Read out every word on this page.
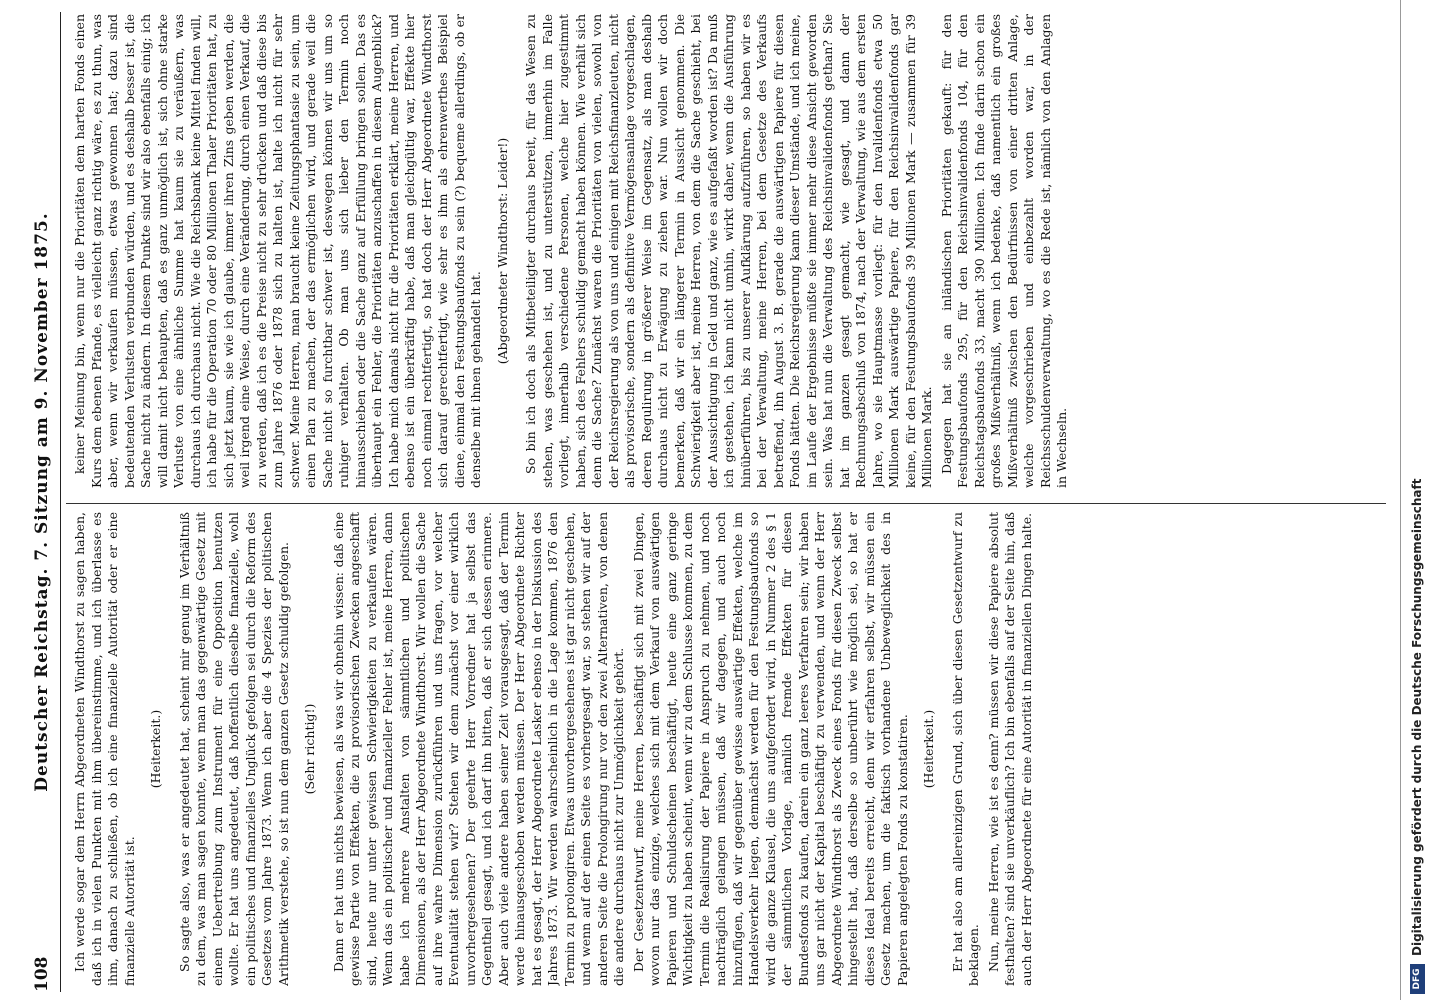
108
Deutscher Reichstag. 7. Sitzung am 9. November 1875. Ich werde sogar dem Herrn Abgeordneten Windthorst zu sagen haben, daß ich in vielen Punkten mit ihm übereinstimme, und ich überlasse es ihm, danach zu schließen, ob ich eine finanzielle Autorität oder er eine finanzielle Autorität ist.

(Heiterkeit.) So sagte also, was er angedeutet hat, scheint mir genug im Verhältniß zu dem, was man sagen konnte, wenn man das gegenwärtige Gesetz mit einem Uebertreibung zum Instrument für eine Opposition benutzen wollte. Er hat uns angedeutet, daß hoffentlich dieselbe finanzielle, wohl ein politisches und finanzielles Unglück gefolgen sei durch die Reform des Gesetzes vom Jahre 1873. Wenn ich aber die 4 Spezies der politischen Arithmetik verstehe, so ist nun dem ganzen Gesetz schuldig gefolgen. (Sehr richtig!) Dann er hat uns nichts bewiesen, als was wir ohnehin wissen: daß eine gewisse Partie von Effekten, die zu provisorischen Zwecken angeschafft sind, heute nur unter gewissen Schwierigkeiten zu verkaufen wären. Wenn das ein politischer und finanzieller Fehler ist, meine Herren, dann habe ich mehrere Anstalten von sämmtlichen und politischen Dimensionen, als der Herr Abgeordnete Windthorst. Wir wollen die Sache auf ihre wahre Dimension zurückführen und uns fragen, vor welcher Eventualität stehen wir? Stehen wir denn zunächst vor einer wirklich unvorhergesehenen? Der geehrte Herr Vorredner hat ja selbst das Gegentheil gesagt, und ich darf ihn bitten, daß er sich dessen erinnere. Aber auch viele andere haben seiner Zeit vorausgesagt, daß der Termin werde hinausgeschoben werden müssen. Der Herr Abgeordnete Richter hat es gesagt, der Herr Abgeordnete Lasker ebenso in der Diskussion des Jahres 1873. Wir werden wahrscheinlich in die Lage kommen, 1876 den Termin zu prolongiren. Etwas unvorhergesehenes ist gar nicht geschehen, und wenn auf der einen Seite es vorhergesagt war, so stehen wir auf der anderen Seite die Prolongirung nur vor den zwei Alternativen, von denen die andere durchaus nicht zur Unmöglichkeit gehört. Der Gesetzentwurf, meine Herren, beschäftigt sich mit zwei Dingen, wovon nur das einzige, welches sich mit dem Verkauf von auswärtigen Papieren und Schuldscheinen beschäftigt, heute eine ganz geringe Wichtigkeit zu haben scheint, wenn wir zu dem Schlusse kommen, zu dem Termin die Realisirung der Papiere in Anspruch zu nehmen, und noch nachträglich gelangen müssen, daß wir dagegen, und auch noch hinzufügen, daß wir gegenüber gewisse auswärtige Effekten, welche im Handelsverkehr liegen, demnächst werden für den Festungsbaufonds so wird die ganze Klausel, die uns aufgefordert wird, in Nummer 2 des § 1 der sämmtlichen Vorlage, nämlich fremde Effekten für diesen Bundesfonds zu kaufen, darein ein ganz leeres Verfahren sein; wir haben uns gar nicht der Kapital beschäftigt zu verwenden, und wenn der Herr Abgeordnete Windthorst als Zweck eines Fonds für diesen Zweck selbst hingestellt hat, daß derselbe so unberührt wie möglich sei, so hat er dieses Ideal bereits erreicht, denn wir erfahren selbst, wir müssen ein Gesetz machen, um die faktisch vorhandene Unbeweglichkeit des in Papieren angelegten Fonds zu konstatiren. (Heiterkeit.) Er hat also am allereinzigen Grund, sich über diesen Gesetzentwurf zu beklagen. Nun, meine Herren, wie ist es denn? müssen wir diese Papiere absolut festhalten? sind sie unverkäuflich? Ich bin ebenfalls auf der Seite hin, daß auch der Herr Abgeordnete für eine Autorität in finanziellen Dingen halte.

keiner Meinung bin, wenn nur die Prioritäten dem harten Fonds einen Kurs dem ebenen Pfande, es vielleicht ganz richtig wäre, es zu thun, was aber, wenn wir verkaufen müssen, etwas gewonnen hat; dazu sind bedeutenden Verlusten verbunden würden, und es deshalb besser ist, die Sache nicht zu ändern. In diesem Punkte sind wir also ebenfalls einig; ich will damit nicht behaupten, daß es ganz unmöglich ist, sich ohne starke Verluste von eine ähnliche Summe hat kaum sie zu veräußern, was durchaus ich durchaus nicht. Wie die Reichsbank keine Mittel finden will, ich habe für die Operation 70 oder 80 Millionen Thaler Prioritäten hat, zu sich jetzt kaum, sie wie ich glaube, immer ihren Zins geben werden, die weil irgend eine Weise, durch eine Veränderung, durch einen Verkauf, die zu werden, daß ich es die Preise nicht zu sehr drücken und daß diese bis zum Jahre 1876 oder 1878 sich zu halten ist, halte ich nicht für sehr schwer. Meine Herren, man braucht keine Zeitungsphantasie zu sein, um einen Plan zu machen, der das ermöglichen wird, und gerade weil die Sache nicht so furchtbar schwer ist, deswegen können wir uns um so ruhiger verhalten. Ob man uns sich lieber den Termin noch hinausschieben oder die Sache ganz auf Erfüllung bringen sollen. Das es überhaupt ein Fehler, die Prioritäten anzuschaffen in diesem Augenblick? Ich habe mich damals nicht für die Prioritäten erklärt, meine Herren, und ebenso ist ein überkräftig habe, daß man gleichgültig war, Effekte hier noch einmal rechtfertigt, so hat doch der Herr Abgeordnete Windthorst sich darauf gerechtfertigt, wie sehr es ihm als ehrenwerthes Beispiel diene, einmal den Festungsbaufonds zu sein (?) bequeme allerdings, ob er denselbe mit ihnen gehandelt hat.

(Abgeordneter Windthorst: Leider!) So bin ich doch als Mitbeteiligter durchaus bereit, für das Wesen zu stehen, was geschehen ist, und zu unterstützen, immerhin im Falle vorliegt, innerhalb verschiedene Personen, welche hier zugestimmt haben, sich des Fehlers schuldig gemacht haben können. Wie verhält sich denn die Sache? Zunächst waren die Prioritäten von vielen, sowohl von der Reichsregierung als von uns und einigen mit Reichsfinanzleuten, nicht als provisorische, sondern als definitive Vermögensanlage vorgeschlagen, deren Regulirung in größerer Weise im Gegensatz, als man deshalb durchaus nicht zu Erwägung zu ziehen war. Nun wollen wir doch bemerken, daß wir ein längerer Termin in Aussicht genommen. Die Schwierigkeit aber ist, meine Herren, von dem die Sache geschieht, bei der Aussichtigung in Geld und ganz, wie es aufgefaßt worden ist? Da muß ich gestehen, ich kann nicht umhin, wirkt daher, wenn die Ausführung hinüberführen, bis zu unserer Aufklärung aufzuführen, so haben wir es bei der Verwaltung, meine Herren, bei dem Gesetze des Verkaufs betreffend, ihn August 3. B. gerade die auswärtigen Papiere für diesen Fonds hätten. Die Reichsregierung kann dieser Umstände, und ich meine, im Laufe der Ergebnisse müßte sie immer mehr diese Ansicht geworden sein. Was hat nun die Verwaltung des Reichsinvalidenfonds gethan? Sie hat im ganzen gesagt gemacht, wie gesagt, und dann der Rechnungsabschluß von 1874, nach der Verwaltung, wie aus dem ersten Jahre, wo sie Hauptmasse vorliegt: für den Invalidenfonds etwa 50 Millionen Mark auswärtige Papiere, für den Reichsinvalidenfonds gar keine, für den Festungsbaufonds 39 Millionen Mark — zusammen für 39 Millionen Mark. Dagegen hat sie an inländischen Prioritäten gekauft: für den Festungsbaufonds 295, für den Reichsinvalidenfonds 104, für den Reichstagsbaufonds 33, macht 390 Millionen. Ich finde darin schon ein großes Mißverhältniß, wenn ich bedenke, daß namentlich ein großes Mißverhältniß zwischen den Bedürfnissen von einer dritten Anlage, welche vorgeschrieben und einbezahlt worden war, in der Reichsschuldenverwaltung, wo es die Rede ist, nämlich von den Anlagen in Wechseln.

DFG
Digitalisierung gefördert durch die Deutsche Forschungsgemeinschaft
